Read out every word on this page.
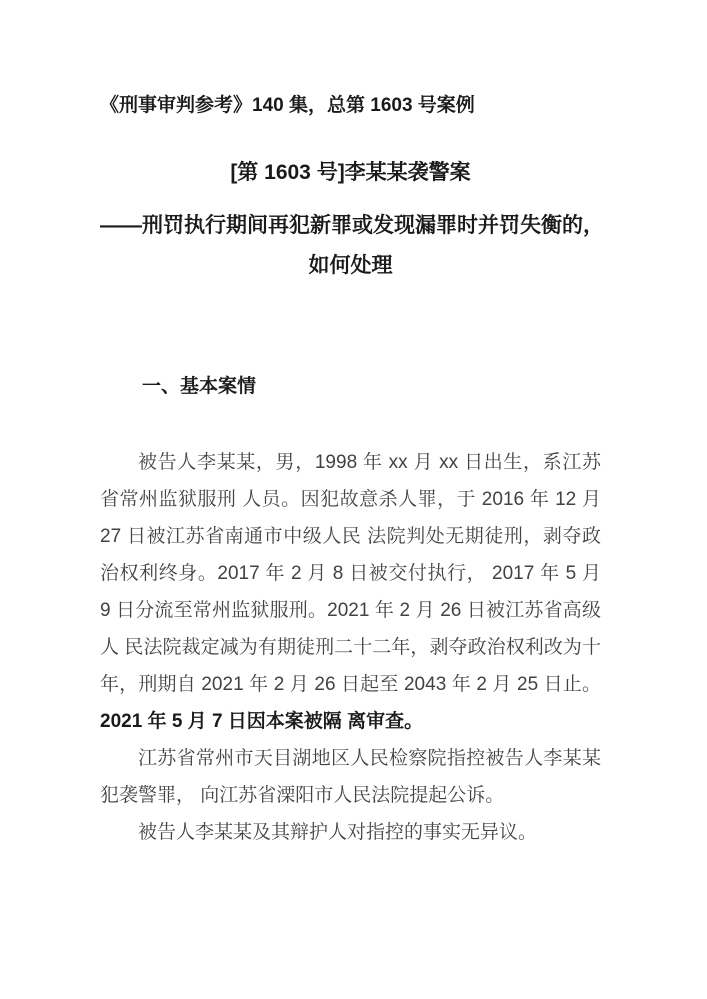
《刑事审判参考》140 集，总第 1603 号案例
[第 1603 号]李某某袭警案
——刑罚执行期间再犯新罪或发现漏罪时并罚失衡的，
如何处理
一、基本案情

被告人李某某，男，1998 年 xx 月 xx 日出生，系江苏省常州监狱服刑 人员。因犯故意杀人罪，于 2016 年 12 月 27 日被江苏省南通市中级人民 法院判处无期徒刑，剥夺政治权利终身。2017 年 2 月 8 日被交付执行， 2017 年 5 月 9 日分流至常州监狱服刑。2021 年 2 月 26 日被江苏省高级人 民法院裁定减为有期徒刑二十二年，剥夺政治权利改为十年，刑期自 2021 年 2 月 26 日起至 2043 年 2 月 25 日止。2021 年 5 月 7 日因本案被隔 离审查。

江苏省常州市天目湖地区人民检察院指控被告人李某某犯袭警罪， 向江苏省溧阳市人民法院提起公诉。

被告人李某某及其辩护人对指控的事实无异议。
